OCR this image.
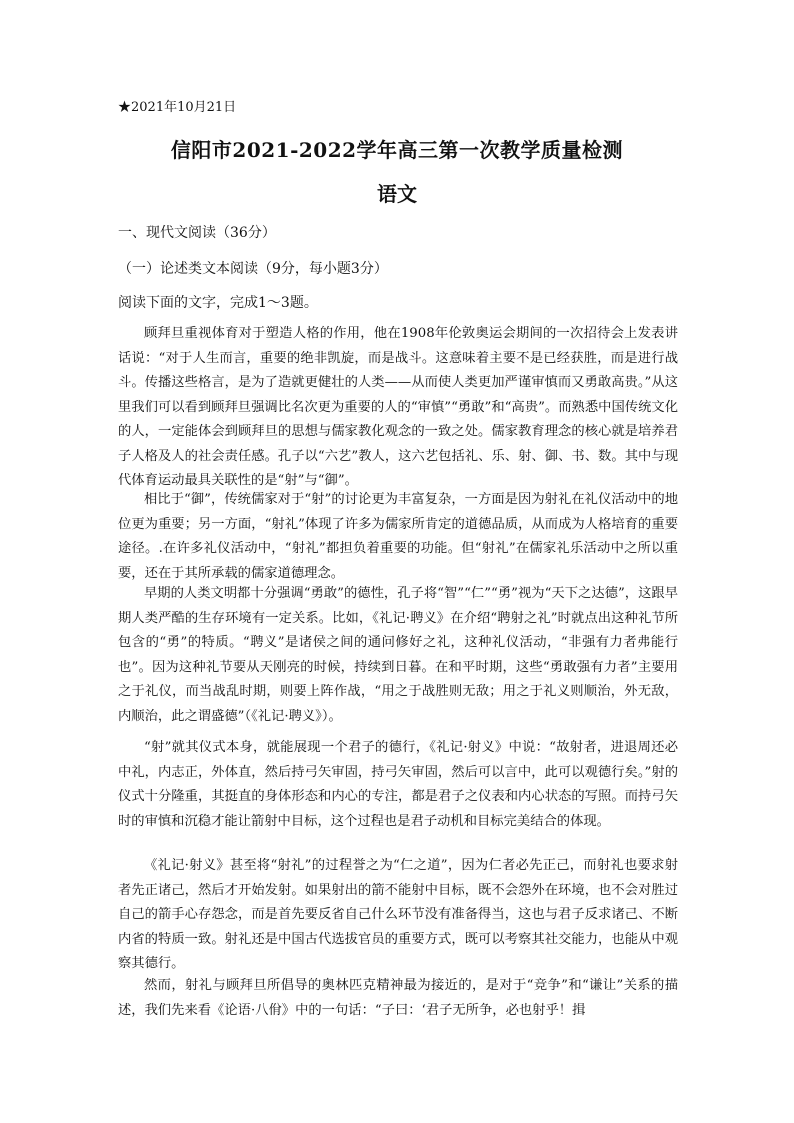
★2021年10月21日
信阳市2021-2022学年高三第一次教学质量检测
语文
一、现代文阅读（36分）
（一）论述类文本阅读（9分，每小题3分）
阅读下面的文字，完成1～3题。
顾拜旦重视体育对于塑造人格的作用，他在1908年伦敦奥运会期间的一次招待会上发表讲话说：“对于人生而言，重要的绝非凯旋，而是战斗。这意味着主要不是已经获胜，而是进行战斗。传播这些格言，是为了造就更健壮的人类——从而使人类更加严谨审慎而又勇敢高贵。”从这里我们可以看到顾拜旦强调比名次更为重要的人的“审慎”“勇敢”和“高贵”。而熟悉中国传统文化的人，一定能体会到顾拜旦的思想与儒家教化观念的一致之处。儒家教育理念的核心就是培养君子人格及人的社会责任感。孔子以“六艺”教人，这六艺包括礼、乐、射、御、书、数。其中与现代体育运动最具关联性的是“射”与“御”。
相比于“御”，传统儒家对于“射”的讨论更为丰富复杂，一方面是因为射礼在礼仪活动中的地位更为重要；另一方面，“射礼”体现了许多为儒家所肯定的道德品质，从而成为人格培育的重要途径。.在许多礼仪活动中，“射礼”都担负着重要的功能。但“射礼”在儒家礼乐活动中之所以重要，还在于其所承载的儒家道德理念。
早期的人类文明都十分强调“勇敢”的德性，孔子将“智”“仁”“勇”视为“天下之达德”，这跟早期人类严酷的生存环境有一定关系。比如，《礼记·聘义》在介绍“聘射之礼”时就点出这种礼节所包含的“勇”的特质。“聘义”是诸侯之间的通问修好之礼，这种礼仪活动，“非强有力者弗能行也”。因为这种礼节要从天刚亮的时候，持续到日暮。在和平时期，这些“勇敢强有力者”主要用之于礼仪，而当战乱时期，则要上阵作战，“用之于战胜则无敌；用之于礼义则顺治，外无敌，内顺治，此之谓盛德”（《礼记·聘义》）。
“射”就其仪式本身，就能展现一个君子的德行，《礼记·射义》中说：“故射者，进退周还必中礼，内志正，外体直，然后持弓矢审固，持弓矢审固，然后可以言中，此可以观德行矣。”射的仪式十分隆重，其挺直的身体形态和内心的专注，都是君子之仪表和内心状态的写照。而持弓矢时的审慎和沉稳才能让箭射中目标，这个过程也是君子动机和目标完美结合的体现。
《礼记·射义》甚至将“射礼”的过程誉之为“仁之道”，因为仁者必先正己，而射礼也要求射者先正诸己，然后才开始发射。如果射出的箭不能射中目标，既不会怨外在环境，也不会对胜过自己的箭手心存怨念，而是首先要反省自己什么环节没有准备得当，这也与君子反求诸己、不断内省的特质一致。射礼还是中国古代选拔官员的重要方式，既可以考察其社交能力，也能从中观察其德行。
然而，射礼与顾拜旦所倡导的奥林匹克精神最为接近的，是对于“竞争”和“谦让”关系的描述，我们先来看《论语·八佾》中的一句话：“子曰：‘君子无所争，必也射乎！揖
